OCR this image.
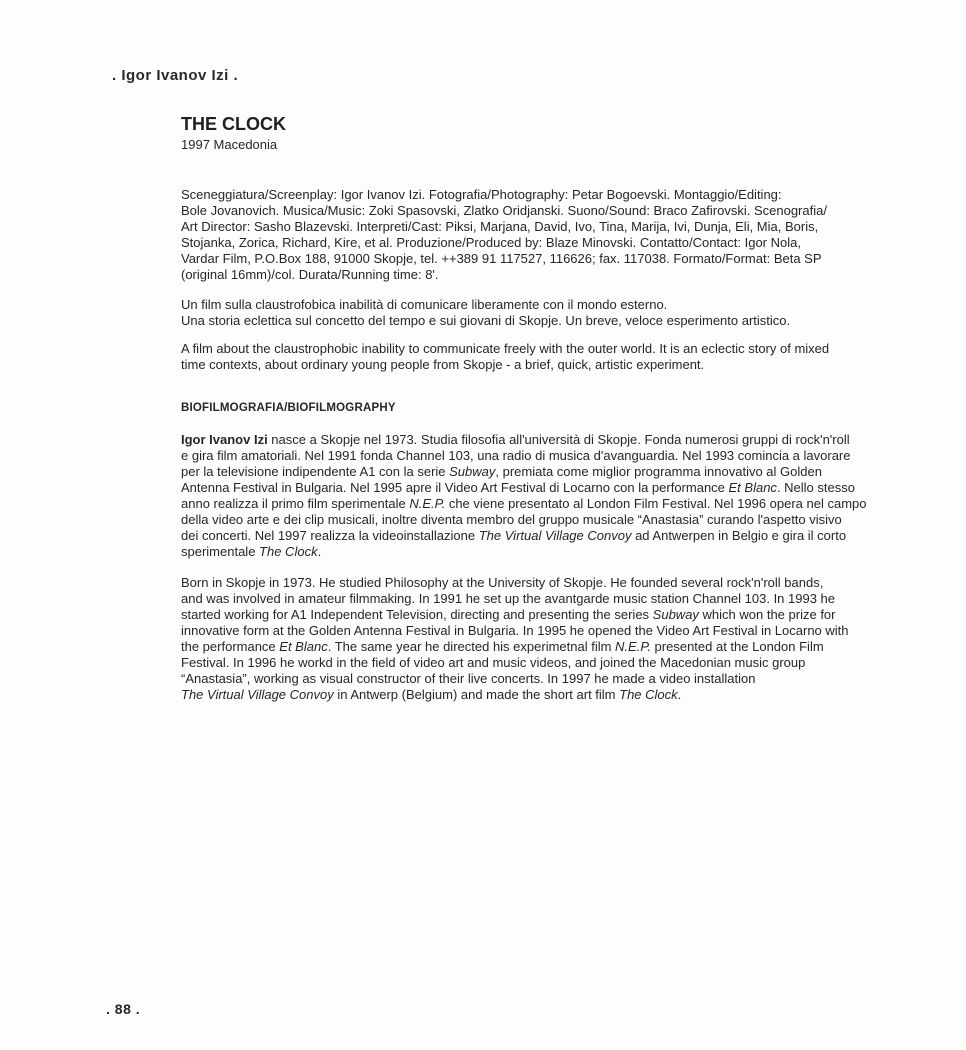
. Igor Ivanov Izi .
THE CLOCK
1997 Macedonia

Sceneggiatura/Screenplay: Igor Ivanov Izi. Fotografia/Photography: Petar Bogoevski. Montaggio/Editing:

Bole Jovanovich. Musica/Music: Zoki Spasovski, Zlatko Oridjanski. Suono/Sound: Braco Zafirovski. Scenografia/

Art Director: Sasho Blazevski. Interpreti/Cast: Piksi, Marjana, David, Ivo, Tina, Marija, Ivi, Dunja, Eli, Mia, Boris,

Stojanka, Zorica, Richard, Kire, et al. Produzione/Produced by: Blaze Minovski. Contatto/Contact: Igor Nola,

Vardar Film, P.O.Box 188, 91000 Skopje, tel. ++389 91 117527, 116626; fax. 117038. Formato/Format: Beta SP

(original 16mm)/col. Durata/Running time: 8'.

Un film sulla claustrofobica inabilità di comunicare liberamente con il mondo esterno.

Una storia eclettica sul concetto del tempo e sui giovani di Skopje. Un breve, veloce esperimento artistico.

A film about the claustrophobic inability to communicate freely with the outer world. It is an eclectic story of mixed

time contexts, about ordinary young people from Skopje - a brief, quick, artistic experiment.

BIOFILMOGRAFIA/BIOFILMOGRAPHY

Igor Ivanov Izi nasce a Skopje nel 1973. Studia filosofia all'università di Skopje. Fonda numerosi gruppi di rock'n'roll

e gira film amatoriali. Nel 1991 fonda Channel 103, una radio di musica d'avanguardia. Nel 1993 comincia a lavorare

per la televisione indipendente A1 con la serie Subway, premiata come miglior programma innovativo al Golden

Antenna Festival in Bulgaria. Nel 1995 apre il Video Art Festival di Locarno con la performance Et Blanc. Nello stesso

anno realizza il primo film sperimentale N.E.P. che viene presentato al London Film Festival. Nel 1996 opera nel campo

della video arte e dei clip musicali, inoltre diventa membro del gruppo musicale “Anastasia” curando l'aspetto visivo

dei concerti. Nel 1997 realizza la videoinstallazione The Virtual Village Convoy ad Antwerpen in Belgio e gira il corto

sperimentale The Clock.

Born in Skopje in 1973. He studied Philosophy at the University of Skopje. He founded several rock'n'roll bands,

and was involved in amateur filmmaking. In 1991 he set up the avantgarde music station Channel 103. In 1993 he

started working for A1 Independent Television, directing and presenting the series Subway which won the prize for

innovative form at the Golden Antenna Festival in Bulgaria. In 1995 he opened the Video Art Festival in Locarno with

the performance Et Blanc. The same year he directed his experimetnal film N.E.P. presented at the London Film

Festival. In 1996 he workd in the field of video art and music videos, and joined the Macedonian music group

“Anastasia”, working as visual constructor of their live concerts. In 1997 he made a video installation

The Virtual Village Convoy in Antwerp (Belgium) and made the short art film The Clock.

. 88 .
